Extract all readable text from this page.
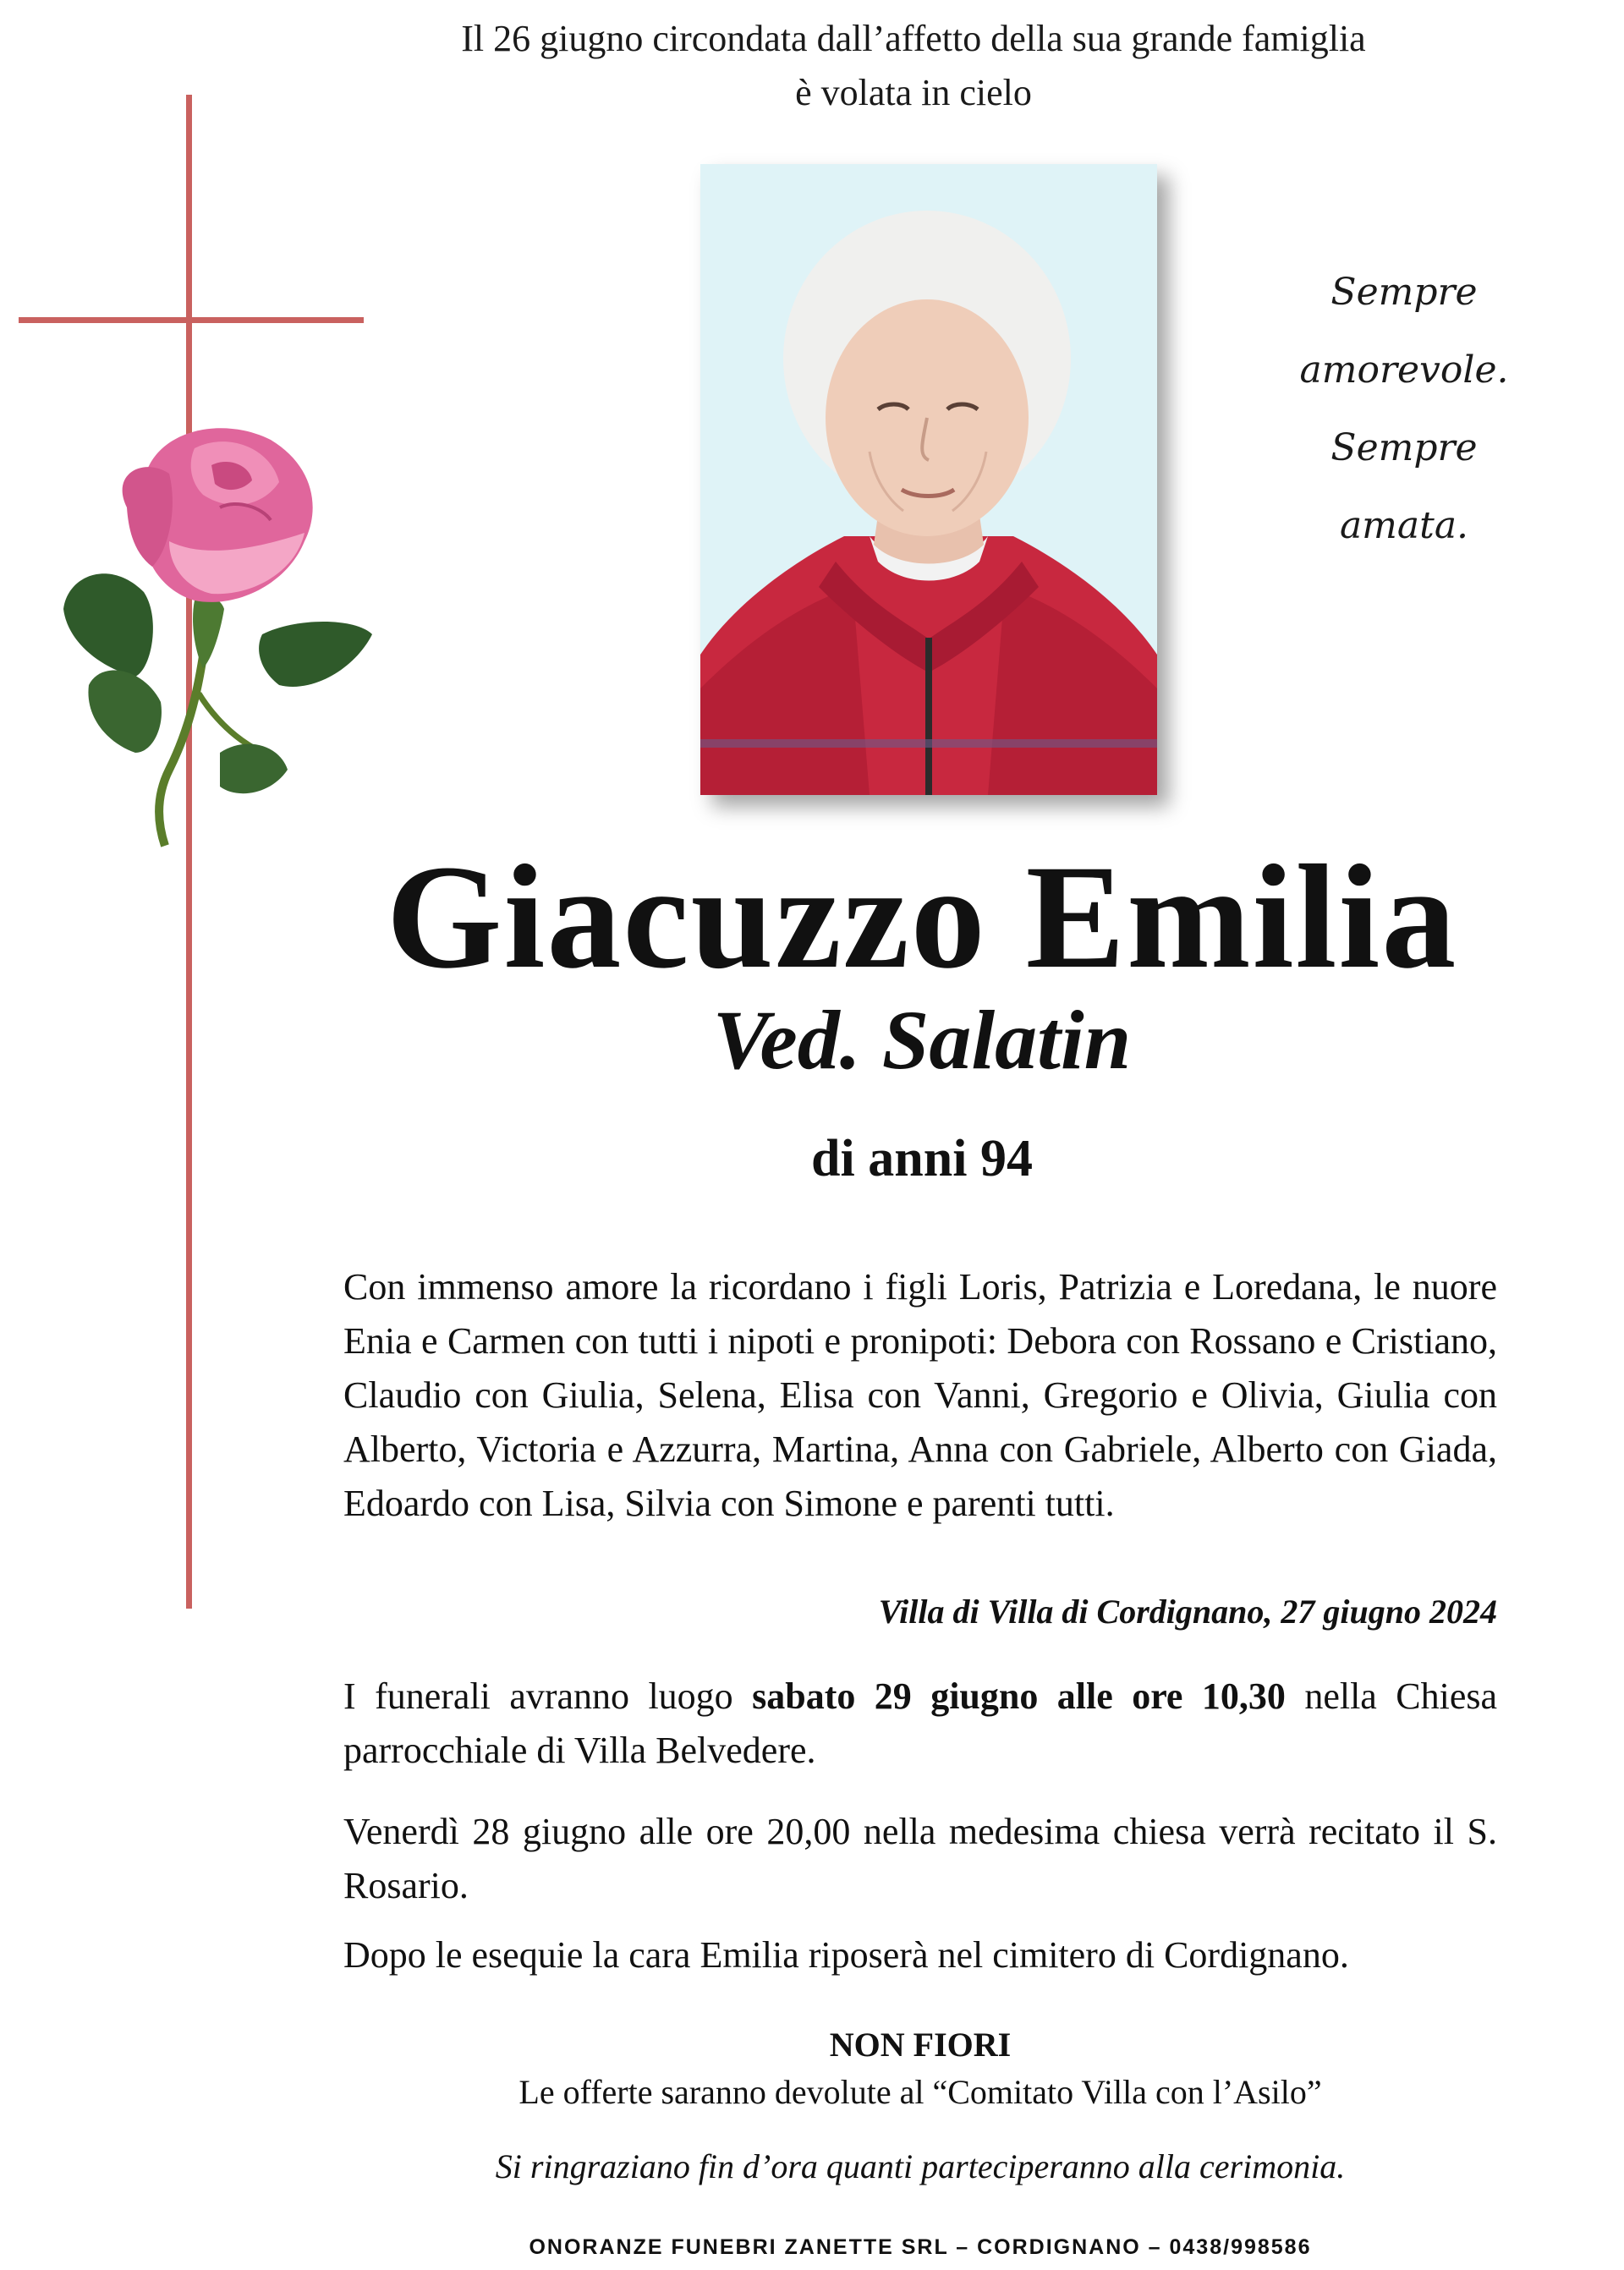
Il 26 giugno circondata dall’affetto della sua grande famiglia
è volata in cielo
Sempre
amorevole.
Sempre
amata.
Giacuzzo Emilia
Ved. Salatin
di anni 94
Con immenso amore la ricordano i figli Loris, Patrizia e Loredana, le nuore Enia e Carmen con tutti i nipoti e pronipoti: Debora con Rossano e Cristiano, Claudio con Giulia, Selena, Elisa con Vanni, Gregorio e Olivia, Giulia con Alberto, Victoria e Azzurra, Martina, Anna con Gabriele, Alberto con Giada, Edoardo con Lisa, Silvia con Simone e parenti tutti.
Villa di Villa di Cordignano, 27 giugno 2024
I funerali avranno luogo sabato 29 giugno alle ore 10,30 nella Chiesa parrocchiale di Villa Belvedere.
Venerdì 28 giugno alle ore 20,00 nella medesima chiesa verrà recitato il S. Rosario.
Dopo le esequie la cara Emilia riposerà nel cimitero di Cordignano.
NON FIORI
Le offerte saranno devolute al “Comitato Villa con l’Asilo”
Si ringraziano fin d’ora quanti parteciperanno alla cerimonia.
ONORANZE FUNEBRI ZANETTE SRL – CORDIGNANO – 0438/998586
